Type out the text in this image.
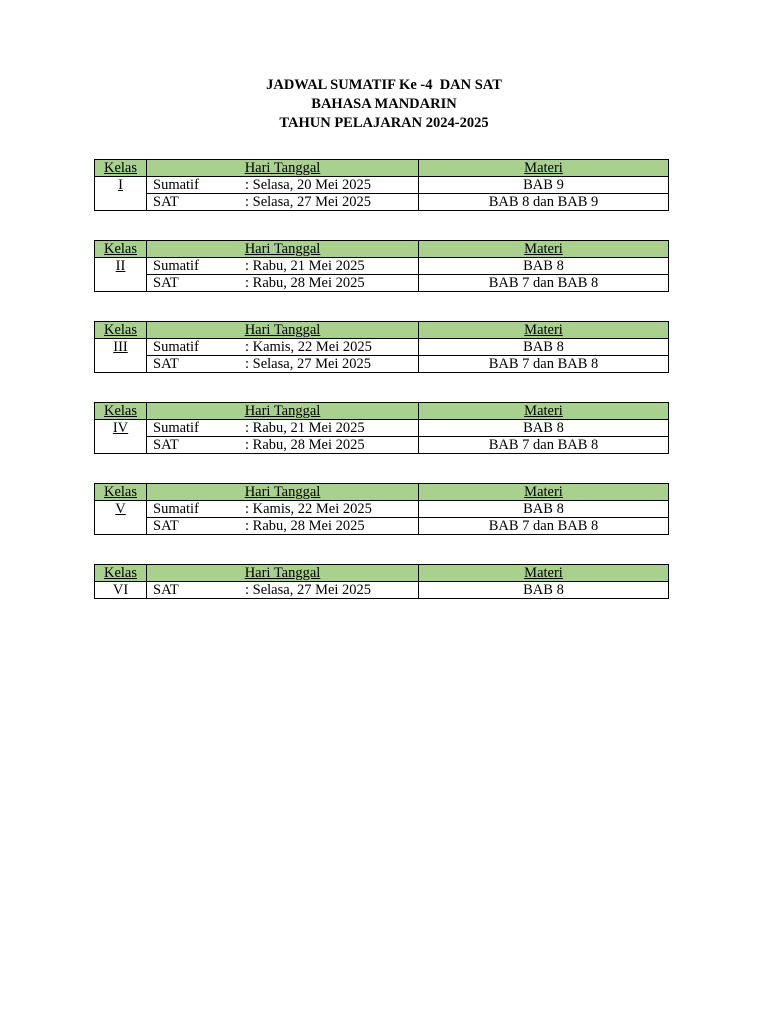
JADWAL SUMATIF Ke -4  DAN SAT
BAHASA MANDARIN
TAHUN PELAJARAN 2024-2025
Kelas	Hari Tanggal	Materi
I	Sumatif : Selasa, 20 Mei 2025	BAB 9
	SAT : Selasa, 27 Mei 2025	BAB 8 dan BAB 9
Kelas	Hari Tanggal	Materi
II	Sumatif : Rabu, 21 Mei 2025	BAB 8
	SAT : Rabu, 28 Mei 2025	BAB 7 dan BAB 8
Kelas	Hari Tanggal	Materi
III	Sumatif : Kamis, 22 Mei 2025	BAB 8
	SAT : Selasa, 27 Mei 2025	BAB 7 dan BAB 8
Kelas	Hari Tanggal	Materi
IV	Sumatif : Rabu, 21 Mei 2025	BAB 8
	SAT : Rabu, 28 Mei 2025	BAB 7 dan BAB 8
Kelas	Hari Tanggal	Materi
V	Sumatif : Kamis, 22 Mei 2025	BAB 8
	SAT : Rabu, 28 Mei 2025	BAB 7 dan BAB 8
Kelas	Hari Tanggal	Materi
VI	SAT : Selasa, 27 Mei 2025	BAB 8
